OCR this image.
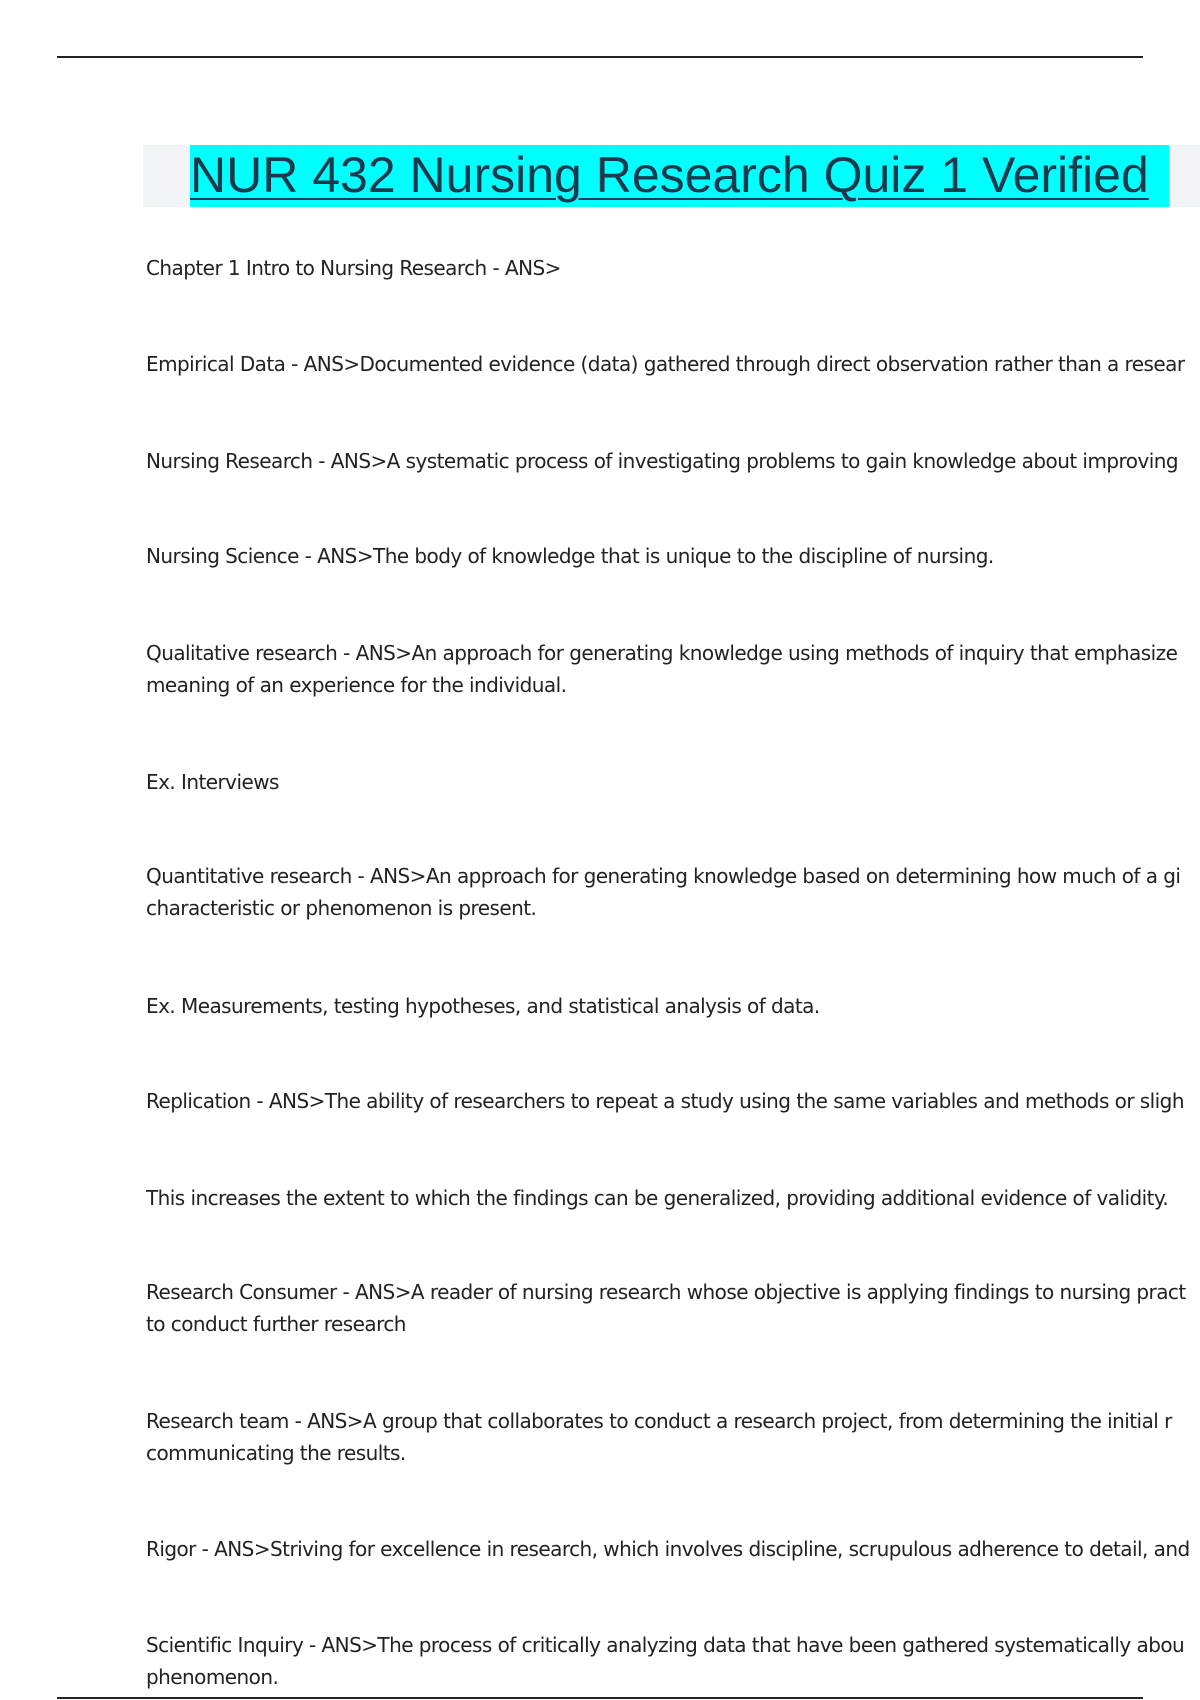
NUR 432 Nursing Research Quiz 1 Verified
Chapter 1 Intro to Nursing Research - ANS>
Empirical Data - ANS>Documented evidence (data) gathered through direct observation rather than a resear
Nursing Research - ANS>A systematic process of investigating problems to gain knowledge about improving
Nursing Science - ANS>The body of knowledge that is unique to the discipline of nursing.
Qualitative research - ANS>An approach for generating knowledge using methods of inquiry that emphasize
meaning of an experience for the individual.
Ex. Interviews
Quantitative research - ANS>An approach for generating knowledge based on determining how much of a gi
characteristic or phenomenon is present.
Ex. Measurements, testing hypotheses, and statistical analysis of data.
Replication - ANS>The ability of researchers to repeat a study using the same variables and methods or sligh
This increases the extent to which the findings can be generalized, providing additional evidence of validity.
Research Consumer - ANS>A reader of nursing research whose objective is applying findings to nursing pract
to conduct further research
Research team - ANS>A group that collaborates to conduct a research project, from determining the initial r
communicating the results.
Rigor - ANS>Striving for excellence in research, which involves discipline, scrupulous adherence to detail, and
Scientific Inquiry - ANS>The process of critically analyzing data that have been gathered systematically abou
phenomenon.
